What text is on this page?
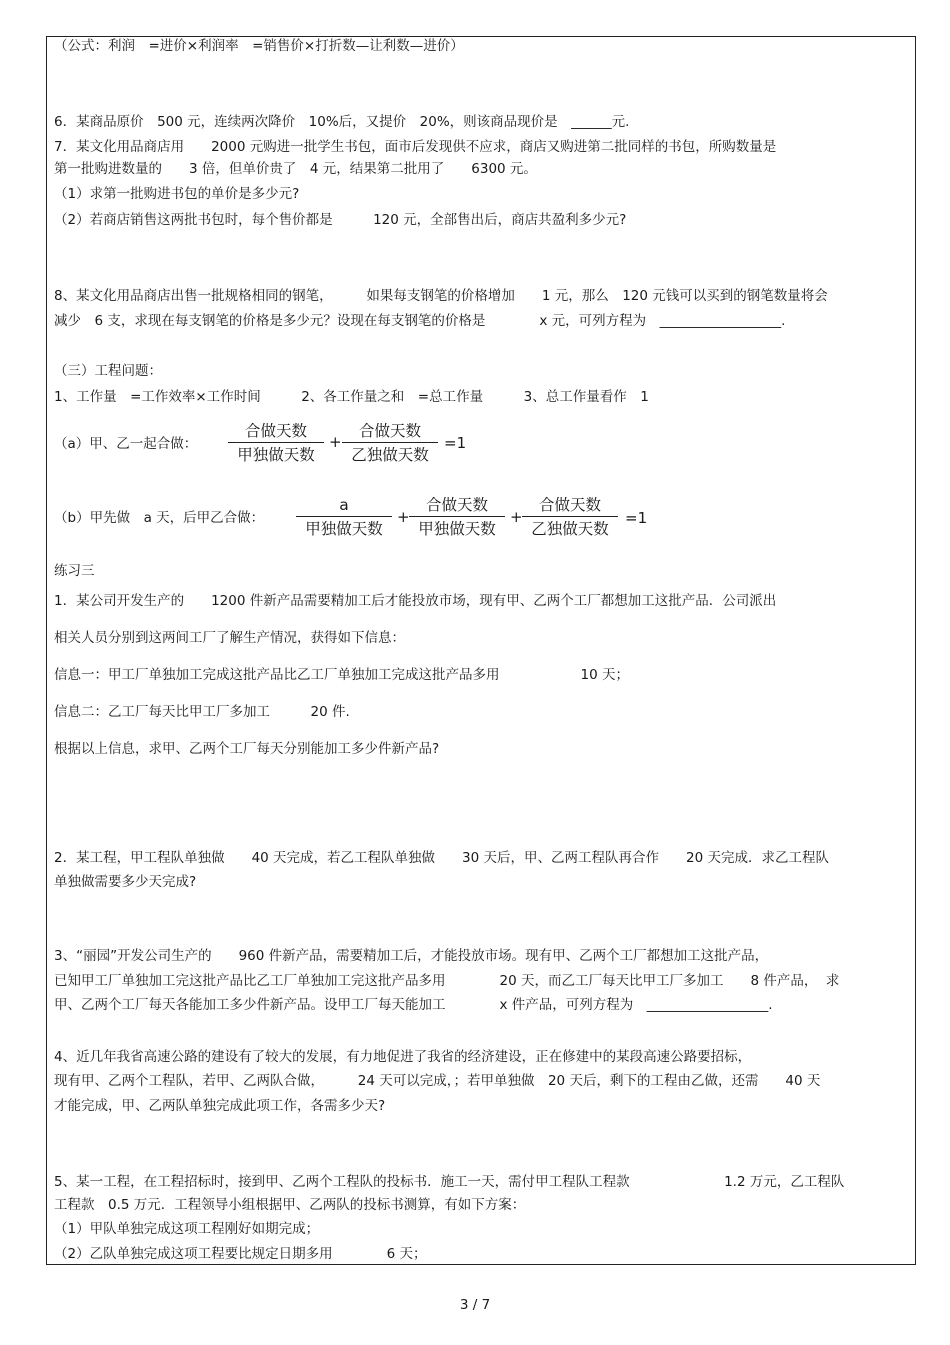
（公式：利润　=进价×利润率　=销售价×打折数—让利数—进价）
6．某商品原价　500 元，连续两次降价　10%后，又提价　20%，则该商品现价是　______元.
7．某文化用品商店用　　2000 元购进一批学生书包，面市后发现供不应求，商店又购进第二批同样的书包，所购数量是
第一批购进数量的　　3 倍，但单价贵了　4 元，结果第二批用了　　6300 元。
（1）求第一批购进书包的单价是多少元?
（2）若商店销售这两批书包时，每个售价都是　　　120 元，全部售出后，商店共盈利多少元?
8、某文化用品商店出售一批规格相同的钢笔，　　　如果每支钢笔的价格增加　　1 元，那么　120 元钱可以买到的钢笔数量将会
减少　6 支，求现在每支钢笔的价格是多少元？设现在每支钢笔的价格是　　　　x 元，可列方程为　__________________.
（三）工程问题：
1、工作量　=工作效率×工作时间　　　2、各工作量之和　=总工作量　　　3、总工作量看作　1
（a）甲、乙一起合做：
合做天数
甲独做天数
+
合做天数
乙独做天数
=1
（b）甲先做　a 天，后甲乙合做：
a
甲独做天数
+
合做天数
甲独做天数
+
合做天数
乙独做天数
=1
练习三
1．某公司开发生产的　　1200 件新产品需要精加工后才能投放市场，现有甲、乙两个工厂都想加工这批产品．公司派出
相关人员分别到这两间工厂了解生产情况，获得如下信息：
信息一：甲工厂单独加工完成这批产品比乙工厂单独加工完成这批产品多用　　　　　　10 天；
信息二：乙工厂每天比甲工厂多加工　　　20 件.
根据以上信息，求甲、乙两个工厂每天分别能加工多少件新产品?
2．某工程，甲工程队单独做　　40 天完成，若乙工程队单独做　　30 天后，甲、乙两工程队再合作　　20 天完成．求乙工程队
单独做需要多少天完成?
3、“丽园”开发公司生产的　　960 件新产品，需要精加工后，才能投放市场。现有甲、乙两个工厂都想加工这批产品，
已知甲工厂单独加工完这批产品比乙工厂单独加工完这批产品多用　　　　20 天，而乙工厂每天比甲工厂多加工　　8 件产品，  求
甲、乙两个工厂每天各能加工多少件新产品。设甲工厂每天能加工　　　　x 件产品，可列方程为　__________________.
4、近几年我省高速公路的建设有了较大的发展，有力地促进了我省的经济建设，正在修建中的某段高速公路要招标，
现有甲、乙两个工程队，若甲、乙两队合做，　　　24 天可以完成，；若甲单独做　20 天后，剩下的工程由乙做，还需　　40 天
才能完成，甲、乙两队单独完成此项工作，各需多少天?
5、某一工程，在工程招标时，接到甲、乙两个工程队的投标书．施工一天，需付甲工程队工程款　　　　　　　1.2 万元，乙工程队
工程款　0.5 万元．工程领导小组根据甲、乙两队的投标书测算，有如下方案：
（1）甲队单独完成这项工程刚好如期完成；
（2）乙队单独完成这项工程要比规定日期多用　　　　6 天；
3 / 7
